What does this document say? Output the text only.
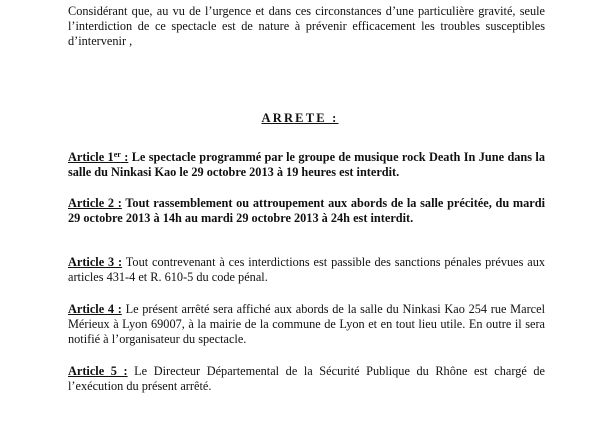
Considérant que, au vu de l’urgence et dans ces circonstances d’une particulière gravité, seule l’interdiction de ce spectacle est de nature à prévenir efficacement les troubles susceptibles d’intervenir ,

ARRETE :

Article 1er : Le spectacle programmé par le groupe de musique rock Death In June dans la salle du Ninkasi Kao le 29 octobre 2013 à 19 heures est interdit.

Article 2 : Tout rassemblement ou attroupement aux abords de la salle précitée, du mardi 29 octobre 2013 à 14h au mardi 29 octobre 2013 à 24h est interdit.

Article 3 : Tout contrevenant à ces interdictions est passible des sanctions pénales prévues aux articles 431-4 et R. 610-5 du code pénal.

Article 4 : Le présent arrêté sera affiché aux abords de la salle du Ninkasi Kao 254 rue Marcel Mérieux à Lyon 69007, à la mairie de la commune de Lyon et en tout lieu utile. En outre il sera notifié à l’organisateur du spectacle.

Article 5 : Le Directeur Départemental de la Sécurité Publique du Rhône est chargé de l’exécution du présent arrêté.
